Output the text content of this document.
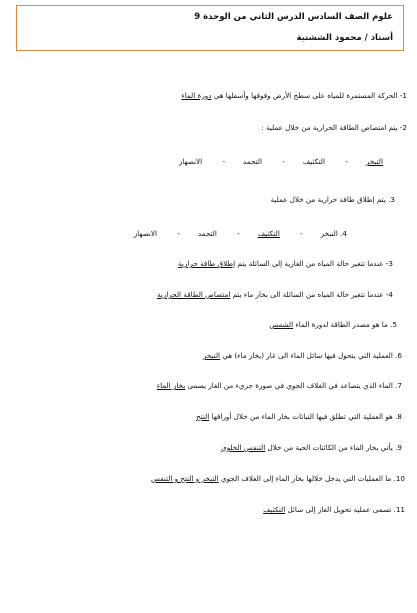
علوم الصف السادس الدرس الثاني من الوحدة 9
أستاذ / محمود الششنية
1- الحركة المستمرة للمياه على سطح الأرض وفوقها وأسفلها هي دورة الماء
2- يتم امتصاص الطاقة الحرارية من خلال عملية :
التبخر- التكثيف- التجمد- الانصهار
3. يتم إطلاق طاقة حرارية من خلال عملية
4. النبخر- التكثيف- التجمد- الانصهار
3- عندما تتغير حالة المياه من الغازية إلى السائلة يتم إطلاق طاقة حرارية
4- عندما تتغير حالة المياه من السائلة الى بخار ماء يتم امتصاص الطاقة الحرارية
5. ما هو مصدر الطاقة لدورة الماء الشمس
6. العملية التي يتحول فيها سائل الماء الى غاز (بخار ماء) هي التبخر
7. الماء الذي يتصاعد في الغلاف الجوي في صورة جزيء من الغاز يسمى بخار الماء
8. هو العملية التي تطلق فيها النباتات بخار الماء من خلال أوراقها النتح
9. يأتي بخار الماء من الكائنات الحية من خلال التنفس الخلوي
10. ما العمليات التي يدخل خلالها بخار الماء إلى الغلاف الجوي التبخر و النتح و التنفس
11. تسمى عملية تحويل الغاز إلى سائل التكثيف
